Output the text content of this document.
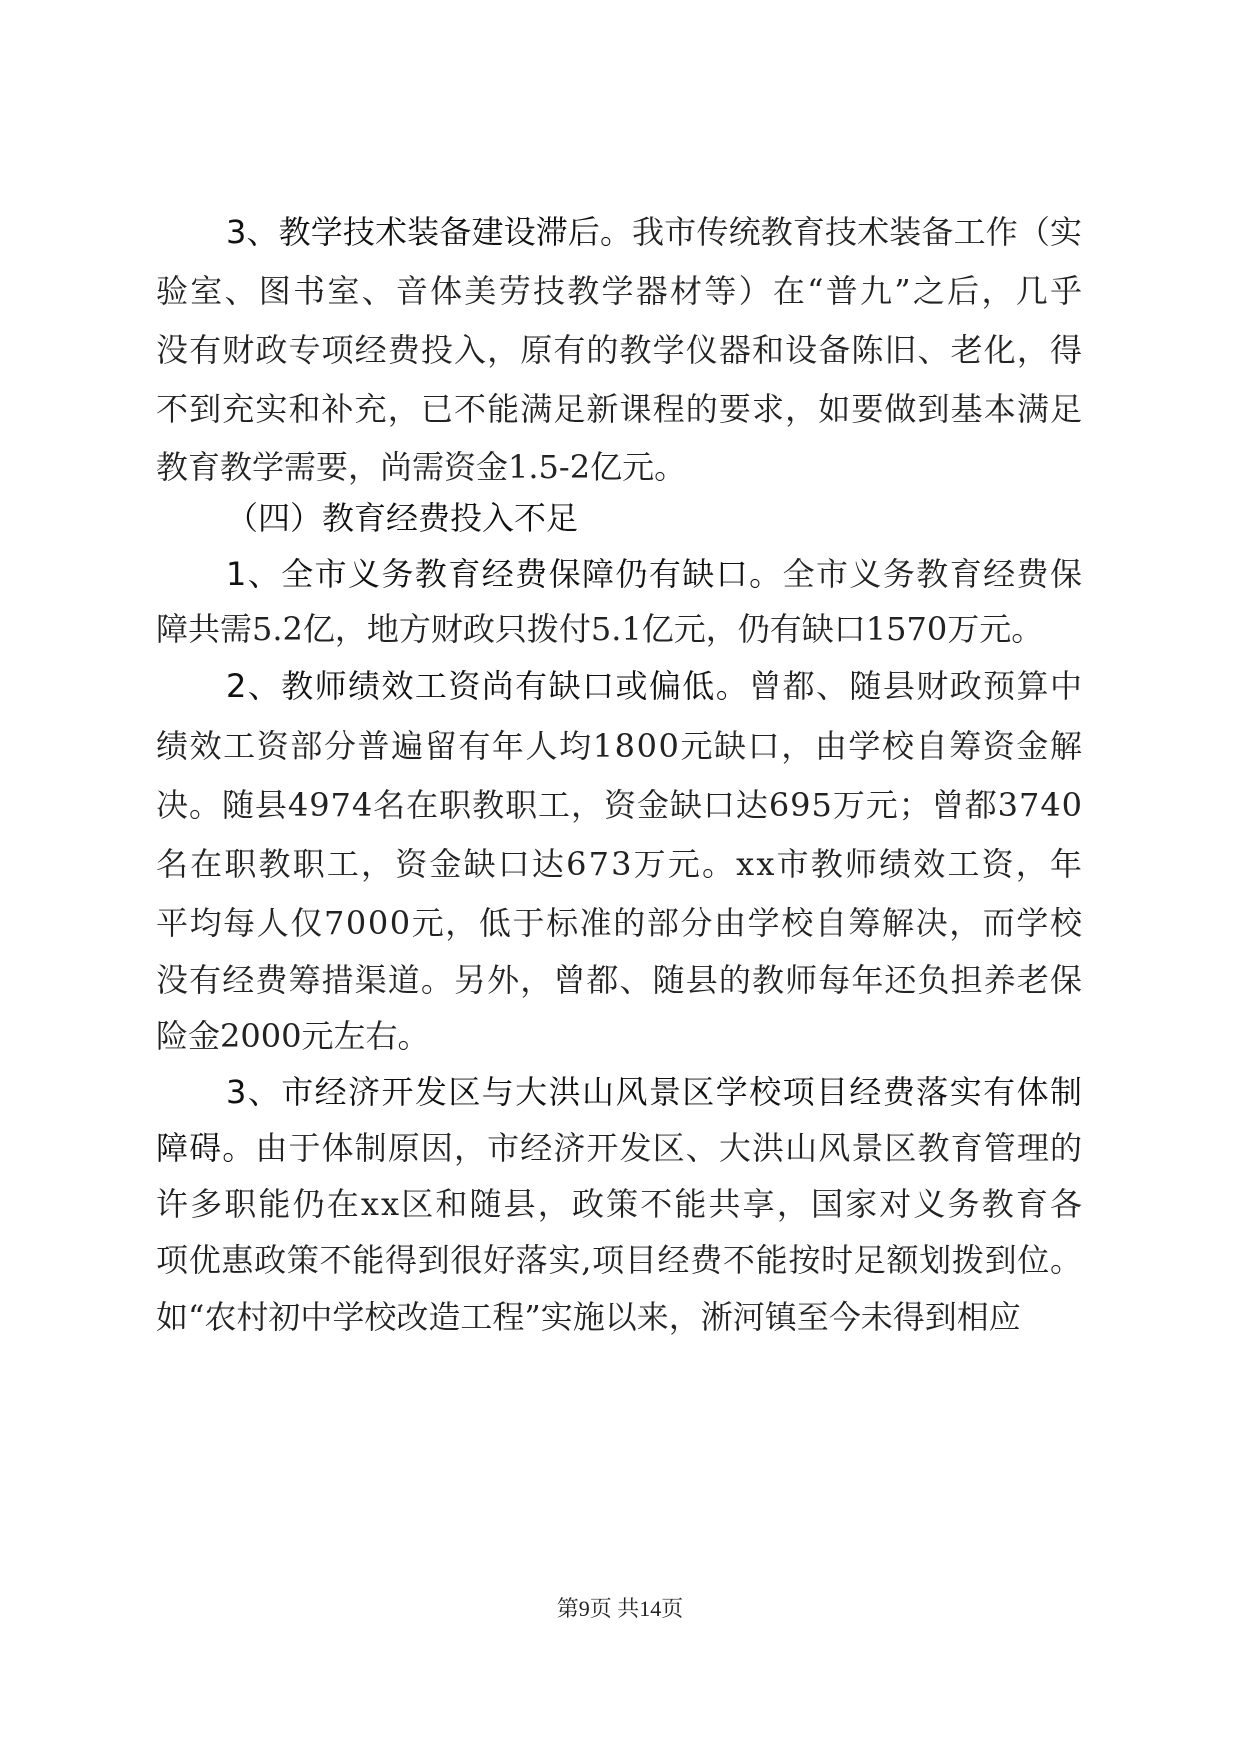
3、教学技术装备建设滞后。我市传统教育技术装备工作（实
验室、图书室、音体美劳技教学器材等）在“普九”之后，几乎
没有财政专项经费投入，原有的教学仪器和设备陈旧、老化，得
不到充实和补充，已不能满足新课程的要求，如要做到基本满足
教育教学需要，尚需资金1.5-2亿元。
（四）教育经费投入不足
1、全市义务教育经费保障仍有缺口。全市义务教育经费保
障共需5.2亿，地方财政只拨付5.1亿元，仍有缺口1570万元。
2、教师绩效工资尚有缺口或偏低。曾都、随县财政预算中
绩效工资部分普遍留有年人均1800元缺口，由学校自筹资金解
决。随县4974名在职教职工，资金缺口达695万元；曾都3740
名在职教职工，资金缺口达673万元。xx市教师绩效工资，年
平均每人仅7000元，低于标准的部分由学校自筹解决，而学校
没有经费筹措渠道。另外，曾都、随县的教师每年还负担养老保
险金2000元左右。
3、市经济开发区与大洪山风景区学校项目经费落实有体制
障碍。由于体制原因，市经济开发区、大洪山风景区教育管理的
许多职能仍在xx区和随县，政策不能共享，国家对义务教育各
项优惠政策不能得到很好落实,项目经费不能按时足额划拨到位。
如“农村初中学校改造工程”实施以来，淅河镇至今未得到相应
第9页 共14页
